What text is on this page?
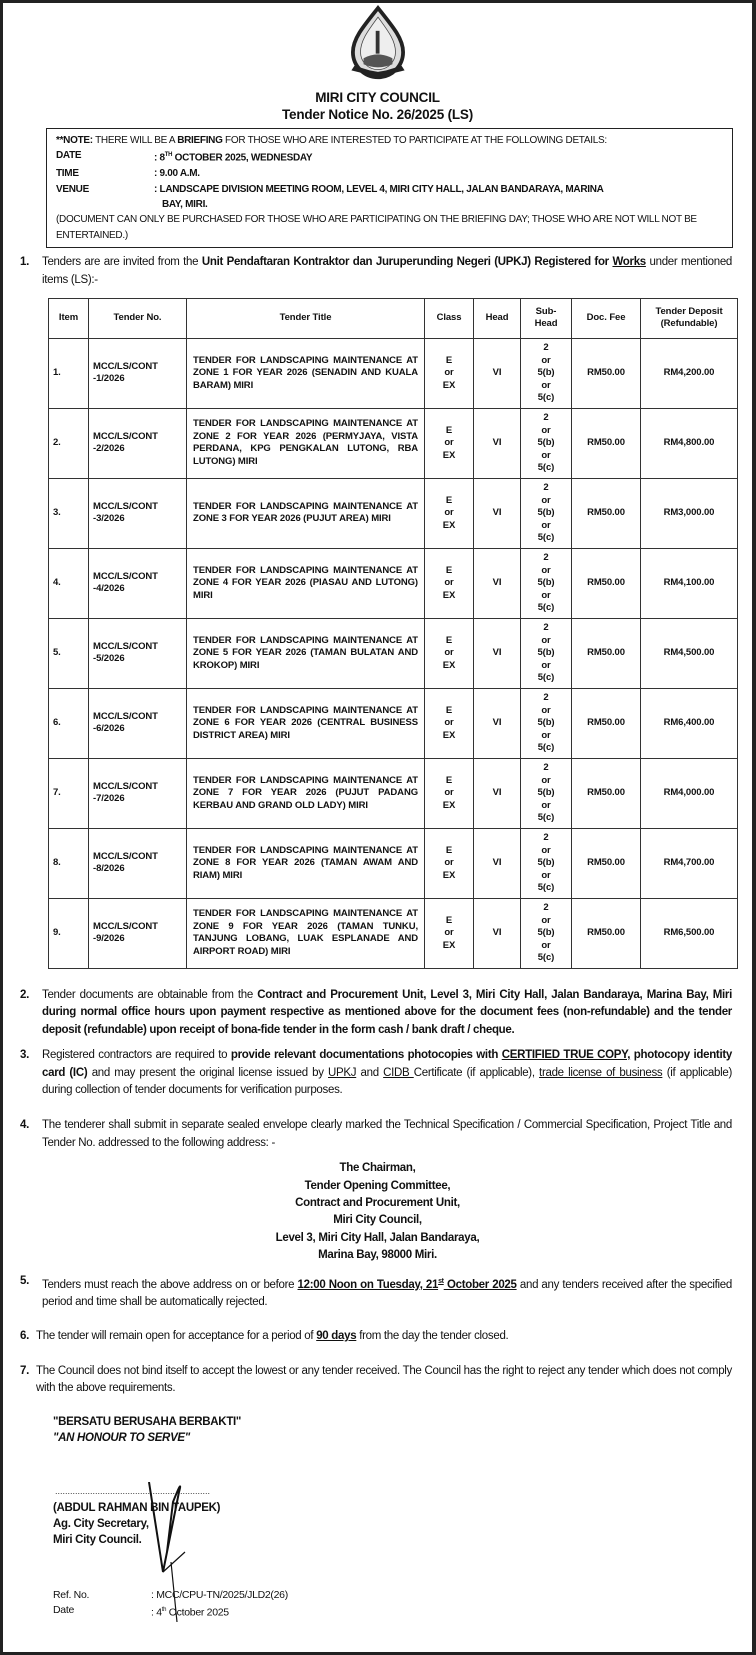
MIRI CITY COUNCIL
Tender Notice No. 26/2025 (LS)
**NOTE: THERE WILL BE A BRIEFING FOR THOSE WHO ARE INTERESTED TO PARTICIPATE AT THE FOLLOWING DETAILS:
DATE	: 8TH OCTOBER 2025, WEDNESDAY
TIME	: 9.00 A.M.
VENUE	: LANDSCAPE DIVISION MEETING ROOM, LEVEL 4, MIRI CITY HALL, JALAN BANDARAYA, MARINA
BAY, MIRI.
(DOCUMENT CAN ONLY BE PURCHASED FOR THOSE WHO ARE PARTICIPATING ON THE BRIEFING DAY; THOSE WHO ARE NOT WILL NOT BE ENTERTAINED.)
1. Tenders are are invited from the Unit Pendaftaran Kontraktor dan Juruperunding Negeri (UPKJ) Registered for Works under mentioned items (LS):-
Item	Tender No.	Tender Title	Class	Head	Sub-
Head	Doc. Fee	Tender Deposit
(Refundable)
1.	MCC/LS/CONT
-1/2026	TENDER FOR LANDSCAPING MAINTENANCE AT ZONE 1 FOR YEAR 2026 (SENADIN AND KUALA BARAM) MIRI	E
or
EX	VI	2
or
5(b)
or
5(c)	RM50.00	RM4,200.00
2.	MCC/LS/CONT
-2/2026	TENDER FOR LANDSCAPING MAINTENANCE AT ZONE 2 FOR YEAR 2026 (PERMYJAYA, VISTA PERDANA, KPG PENGKALAN LUTONG, RBA LUTONG) MIRI	E
or
EX	VI	2
or
5(b)
or
5(c)	RM50.00	RM4,800.00
3.	MCC/LS/CONT
-3/2026	TENDER FOR LANDSCAPING MAINTENANCE AT ZONE 3 FOR YEAR 2026 (PUJUT AREA) MIRI	E
or
EX	VI	2
or
5(b)
or
5(c)	RM50.00	RM3,000.00
4.	MCC/LS/CONT
-4/2026	TENDER FOR LANDSCAPING MAINTENANCE AT ZONE 4 FOR YEAR 2026 (PIASAU AND LUTONG) MIRI	E
or
EX	VI	2
or
5(b)
or
5(c)	RM50.00	RM4,100.00
5.	MCC/LS/CONT
-5/2026	TENDER FOR LANDSCAPING MAINTENANCE AT ZONE 5 FOR YEAR 2026 (TAMAN BULATAN AND KROKOP) MIRI	E
or
EX	VI	2
or
5(b)
or
5(c)	RM50.00	RM4,500.00
6.	MCC/LS/CONT
-6/2026	TENDER FOR LANDSCAPING MAINTENANCE AT ZONE 6 FOR YEAR 2026 (CENTRAL BUSINESS DISTRICT AREA) MIRI	E
or
EX	VI	2
or
5(b)
or
5(c)	RM50.00	RM6,400.00
7.	MCC/LS/CONT
-7/2026	TENDER FOR LANDSCAPING MAINTENANCE AT ZONE 7 FOR YEAR 2026 (PUJUT PADANG KERBAU AND GRAND OLD LADY) MIRI	E
or
EX	VI	2
or
5(b)
or
5(c)	RM50.00	RM4,000.00
8.	MCC/LS/CONT
-8/2026	TENDER FOR LANDSCAPING MAINTENANCE AT ZONE 8 FOR YEAR 2026 (TAMAN AWAM AND RIAM) MIRI	E
or
EX	VI	2
or
5(b)
or
5(c)	RM50.00	RM4,700.00
9.	MCC/LS/CONT
-9/2026	TENDER FOR LANDSCAPING MAINTENANCE AT ZONE 9 FOR YEAR 2026 (TAMAN TUNKU, TANJUNG LOBANG, LUAK ESPLANADE AND AIRPORT ROAD) MIRI	E
or
EX	VI	2
or
5(b)
or
5(c)	RM50.00	RM6,500.00
2. Tender documents are obtainable from the Contract and Procurement Unit, Level 3, Miri City Hall, Jalan Bandaraya, Marina Bay, Miri during normal office hours upon payment respective as mentioned above for the document fees (non-refundable) and the tender deposit (refundable) upon receipt of bona-fide tender in the form cash / bank draft / cheque.
3. Registered contractors are required to provide relevant documentations photocopies with CERTIFIED TRUE COPY, photocopy identity card (IC) and may present the original license issued by UPKJ and CIDB Certificate (if applicable), trade license of business (if applicable) during collection of tender documents for verification purposes.
4. The tenderer shall submit in separate sealed envelope clearly marked the Technical Specification / Commercial Specification, Project Title and Tender No. addressed to the following address: -
The Chairman,
Tender Opening Committee,
Contract and Procurement Unit,
Miri City Council,
Level 3, Miri City Hall, Jalan Bandaraya,
Marina Bay, 98000 Miri.
5. Tenders must reach the above address on or before 12:00 Noon on Tuesday, 21st October 2025 and any tenders received after the specified period and time shall be automatically rejected.
6. The tender will remain open for acceptance for a period of 90 days from the day the tender closed.
7. The Council does not bind itself to accept the lowest or any tender received. The Council has the right to reject any tender which does not comply with the above requirements.
"BERSATU BERUSAHA BERBAKTI"
"AN HONOUR TO SERVE"
..............................................................
(ABDUL RAHMAN BIN TAUPEK)
Ag. City Secretary,
Miri City Council.
Ref. No.	: MCC/CPU-TN/2025/JLD2(26)
Date	: 4th October 2025
